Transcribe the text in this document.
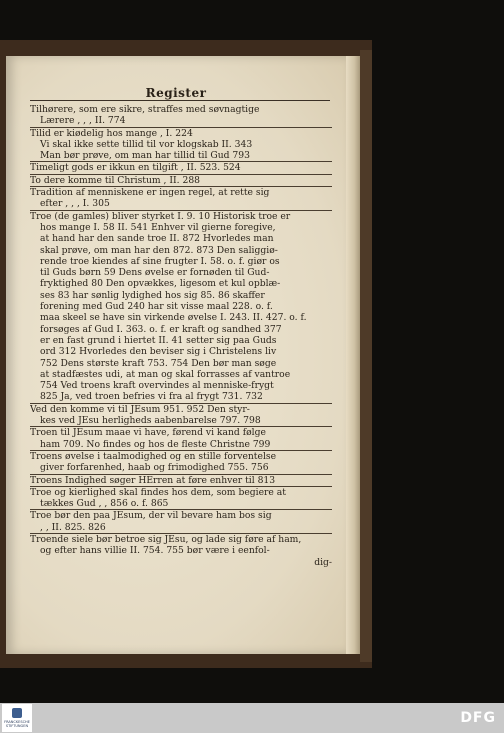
Register
Tilhørere, som ere sikre, straffes med søvnagtige
Lærere , , , II. 774
Tilid er kiødelig hos mange , I. 224
Vi skal ikke sette tillid til vor klogskab II. 343
Man bør prøve, om man har tillid til Gud 793
Timeligt gods er ikkun en tilgift , II. 523. 524
To dere komme til Christum , II. 288
Tradition af menniskene er ingen regel, at rette sig
efter , , , I. 305
Troe (de gamles) bliver styrket I. 9. 10 Historisk troe er
hos mange I. 58 II. 541 Enhver vil gierne foregive,
at hand har den sande troe II. 872 Hvorledes man
skal prøve, om man har den 872. 873 Den saliggiø-
rende troe kiendes af sine frugter I. 58. o. f. giør os
til Guds børn 59 Dens øvelse er fornøden til Gud-
fryktighed 80 Den opvækkes, ligesom et kul opblæ-
ses 83 har sønlig lydighed hos sig 85. 86 skaffer
forening med Gud 240 har sit visse maal 228. o. f.
maa skeel se have sin virkende øvelse I. 243. II. 427. o. f.
forsøges af Gud I. 363. o. f. er kraft og sandhed 377
er en fast grund i hiertet II. 41 setter sig paa Guds
ord 312 Hvorledes den beviser sig i Christelens liv
752 Dens største kraft 753. 754 Den bør man søge
at stadfæstes udi, at man og skal forrasses af vantroe
754 Ved troens kraft overvindes al menniske-frygt
825 Ja, ved troen befries vi fra al frygt 731. 732
Ved den komme vi til JEsum 951. 952 Den styr-
kes ved JEsu herligheds aabenbarelse 797. 798
Troen til JEsum maae vi have, førend vi kand følge
ham 709. No findes og hos de fleste Christne 799
Troens øvelse i taalmodighed og en stille forventelse
giver forfarenhed, haab og frimodighed 755. 756
Troens Indighed søger HErren at føre enhver til 813
Troe og kierlighed skal findes hos dem, som begiere at
tækkes Gud , , 856 o. f. 865
Troe bør den paa JEsum, der vil bevare ham bos sig
, , II. 825. 826
Troende siele bør betroe sig JEsu, og lade sig føre af ham,
og efter hans villie II. 754. 755 bør være i eenfol-
dig-
FRANCKESCHE STIFTUNGEN	DFG
